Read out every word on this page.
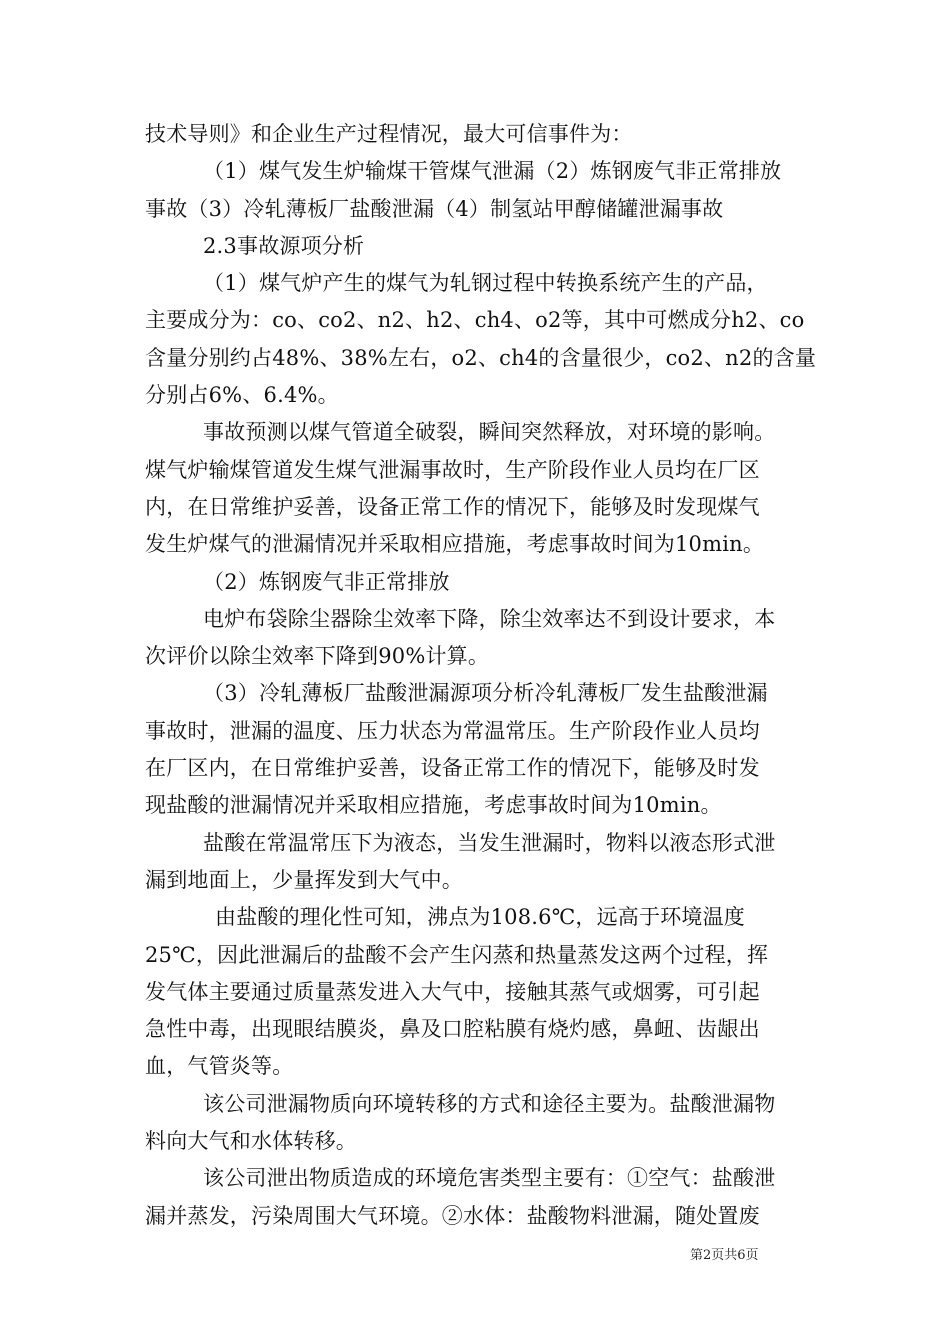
技术导则》和企业生产过程情况，最大可信事件为：
（1）煤气发生炉输煤干管煤气泄漏（2）炼钢废气非正常排放
事故（3）冷轧薄板厂盐酸泄漏（4）制氢站甲醇储罐泄漏事故
2.3事故源项分析
（1）煤气炉产生的煤气为轧钢过程中转换系统产生的产品，
主要成分为：co、co2、n2、h2、ch4、o2等，其中可燃成分h2、co
含量分别约占48%、38%左右，o2、ch4的含量很少，co2、n2的含量
分别占6%、6.4%。
事故预测以煤气管道全破裂，瞬间突然释放，对环境的影响。
煤气炉输煤管道发生煤气泄漏事故时，生产阶段作业人员均在厂区
内，在日常维护妥善，设备正常工作的情况下，能够及时发现煤气
发生炉煤气的泄漏情况并采取相应措施，考虑事故时间为10min。
（2）炼钢废气非正常排放
电炉布袋除尘器除尘效率下降，除尘效率达不到设计要求，本
次评价以除尘效率下降到90%计算。
（3）冷轧薄板厂盐酸泄漏源项分析冷轧薄板厂发生盐酸泄漏
事故时，泄漏的温度、压力状态为常温常压。生产阶段作业人员均
在厂区内，在日常维护妥善，设备正常工作的情况下，能够及时发
现盐酸的泄漏情况并采取相应措施，考虑事故时间为10min。
盐酸在常温常压下为液态，当发生泄漏时，物料以液态形式泄
漏到地面上，少量挥发到大气中。
由盐酸的理化性可知，沸点为108.6℃，远高于环境温度
25℃，因此泄漏后的盐酸不会产生闪蒸和热量蒸发这两个过程，挥
发气体主要通过质量蒸发进入大气中，接触其蒸气或烟雾，可引起
急性中毒，出现眼结膜炎，鼻及口腔粘膜有烧灼感，鼻衄、齿龈出
血，气管炎等。
该公司泄漏物质向环境转移的方式和途径主要为。盐酸泄漏物
料向大气和水体转移。
该公司泄出物质造成的环境危害类型主要有：①空气：盐酸泄
漏并蒸发，污染周围大气环境。②水体：盐酸物料泄漏，随处置废
第2页共6页
